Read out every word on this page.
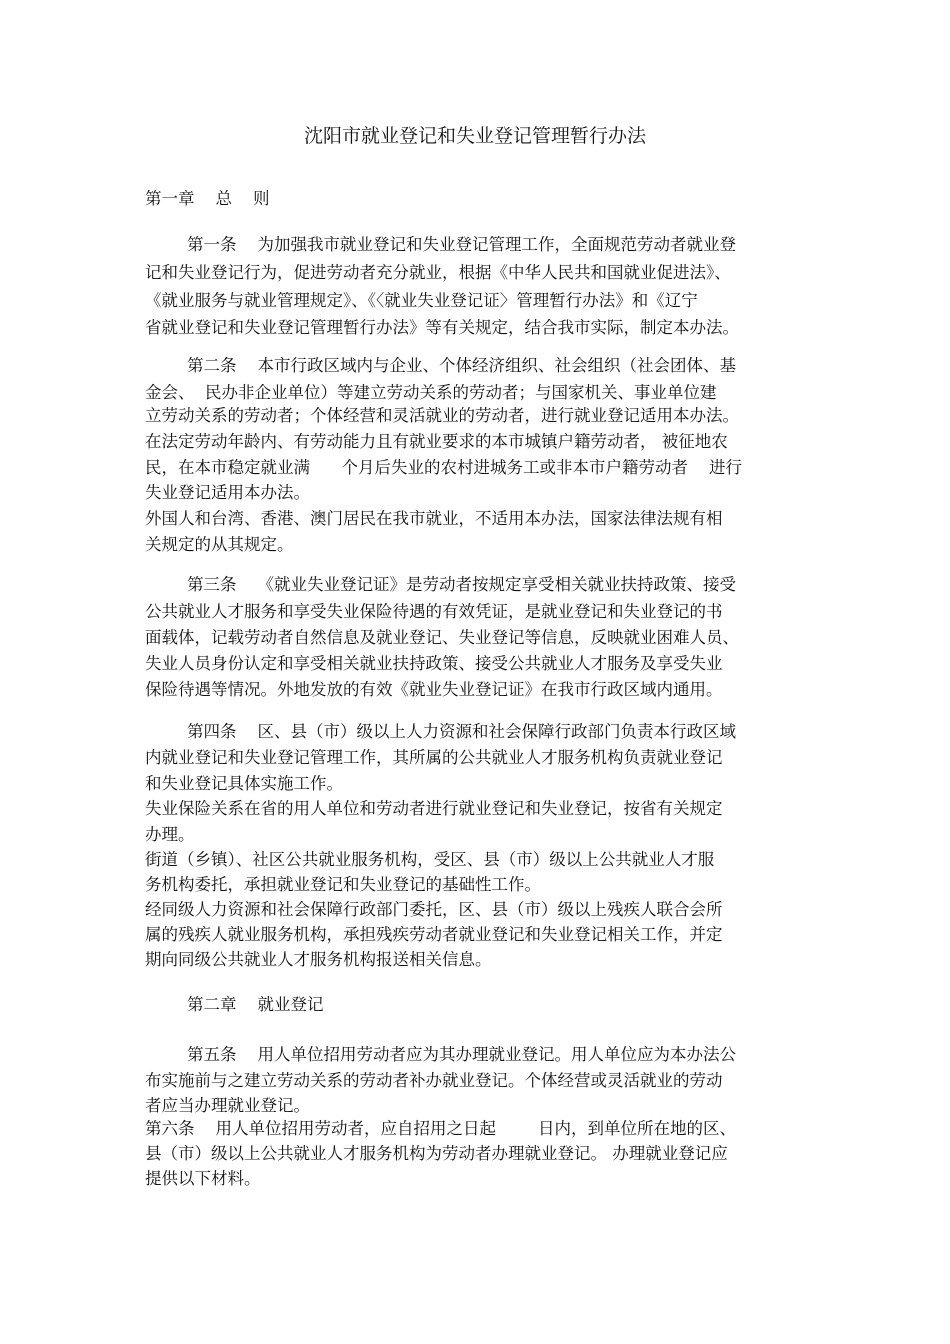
沈阳市就业登记和失业登记管理暂行办法
第一章    总    则
第一条    为加强我市就业登记和失业登记管理工作，全面规范劳动者就业登
记和失业登记行为，促进劳动者充分就业，根据《中华人民共和国就业促进法》、
《就业服务与就业管理规定》、《〈就业失业登记证〉管理暂行办法》和《辽宁
省就业登记和失业登记管理暂行办法》等有关规定，结合我市实际，制定本办法。
第二条    本市行政区域内与企业、个体经济组织、社会组织（社会团体、基
金会、  民办非企业单位）等建立劳动关系的劳动者；与国家机关、事业单位建
立劳动关系的劳动者；个体经营和灵活就业的劳动者，进行就业登记适用本办法。
在法定劳动年龄内、有劳动能力且有就业要求的本市城镇户籍劳动者， 被征地农
民，在本市稳定就业满      个月后失业的农村进城务工或非本市户籍劳动者    进行
失业登记适用本办法。
外国人和台湾、香港、澳门居民在我市就业，不适用本办法，国家法律法规有相
关规定的从其规定。
第三条    《就业失业登记证》是劳动者按规定享受相关就业扶持政策、接受
公共就业人才服务和享受失业保险待遇的有效凭证，是就业登记和失业登记的书
面载体，记载劳动者自然信息及就业登记、失业登记等信息，反映就业困难人员、
失业人员身份认定和享受相关就业扶持政策、接受公共就业人才服务及享受失业
保险待遇等情况。外地发放的有效《就业失业登记证》在我市行政区域内通用。
第四条    区、县（市）级以上人力资源和社会保障行政部门负责本行政区域
内就业登记和失业登记管理工作，其所属的公共就业人才服务机构负责就业登记
和失业登记具体实施工作。
失业保险关系在省的用人单位和劳动者进行就业登记和失业登记，按省有关规定
办理。
街道（乡镇）、社区公共就业服务机构，受区、县（市）级以上公共就业人才服
务机构委托，承担就业登记和失业登记的基础性工作。
经同级人力资源和社会保障行政部门委托，区、县（市）级以上残疾人联合会所
属的残疾人就业服务机构，承担残疾劳动者就业登记和失业登记相关工作，并定
期向同级公共就业人才服务机构报送相关信息。
第二章    就业登记
第五条    用人单位招用劳动者应为其办理就业登记。用人单位应为本办法公
布实施前与之建立劳动关系的劳动者补办就业登记。个体经营或灵活就业的劳动
者应当办理就业登记。
第六条    用人单位招用劳动者，应自招用之日起        日内，到单位所在地的区、
县（市）级以上公共就业人才服务机构为劳动者办理就业登记。 办理就业登记应
提供以下材料。
